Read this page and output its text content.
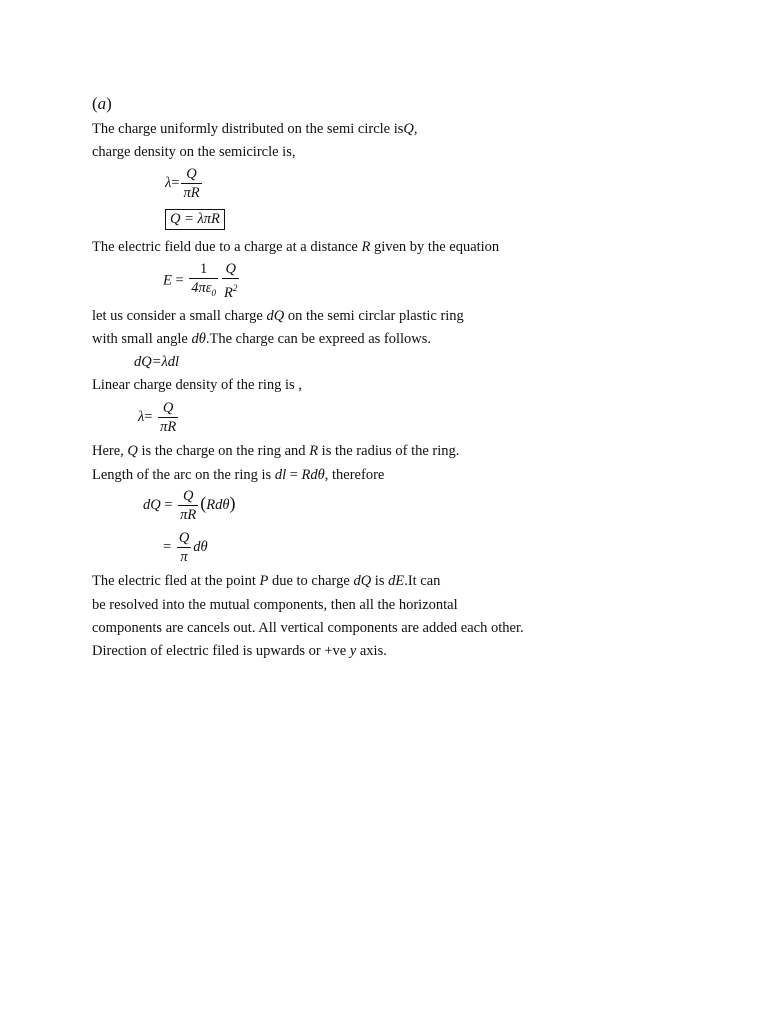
(a)
The charge uniformly distributed on the semi circle isQ,
charge density on the semicircle is,
$\lambda= \frac{Q}{\pi R}$
Q = λπR
The electric field due to a charge at a distance R given by the equation
$E = \frac{1}{4\pi\varepsilon_0} \frac{Q}{R^2}$
let us consider a small charge dQ on the semi circlar plastic ring
with small angle dθ.The charge can be expreed as follows.
dQ=λdl
Linear charge density of the ring is ,
$\lambda= \frac{Q}{\pi R}$
Here, Q is the charge on the ring and R is the radius of the ring.
Length of the arc on the ring is dl = Rdθ, therefore
dQ = $\frac{Q}{\pi R} (Rd\theta)$
= $\frac{Q}{\pi}$ dθ
The electric fled at the point P due to charge dQ is dE.It can
be resolved into the mutual components, then all the horizontal
components are cancels out. All vertical components are added each other.
Direction of electric filed is upwards or +ve y axis.
